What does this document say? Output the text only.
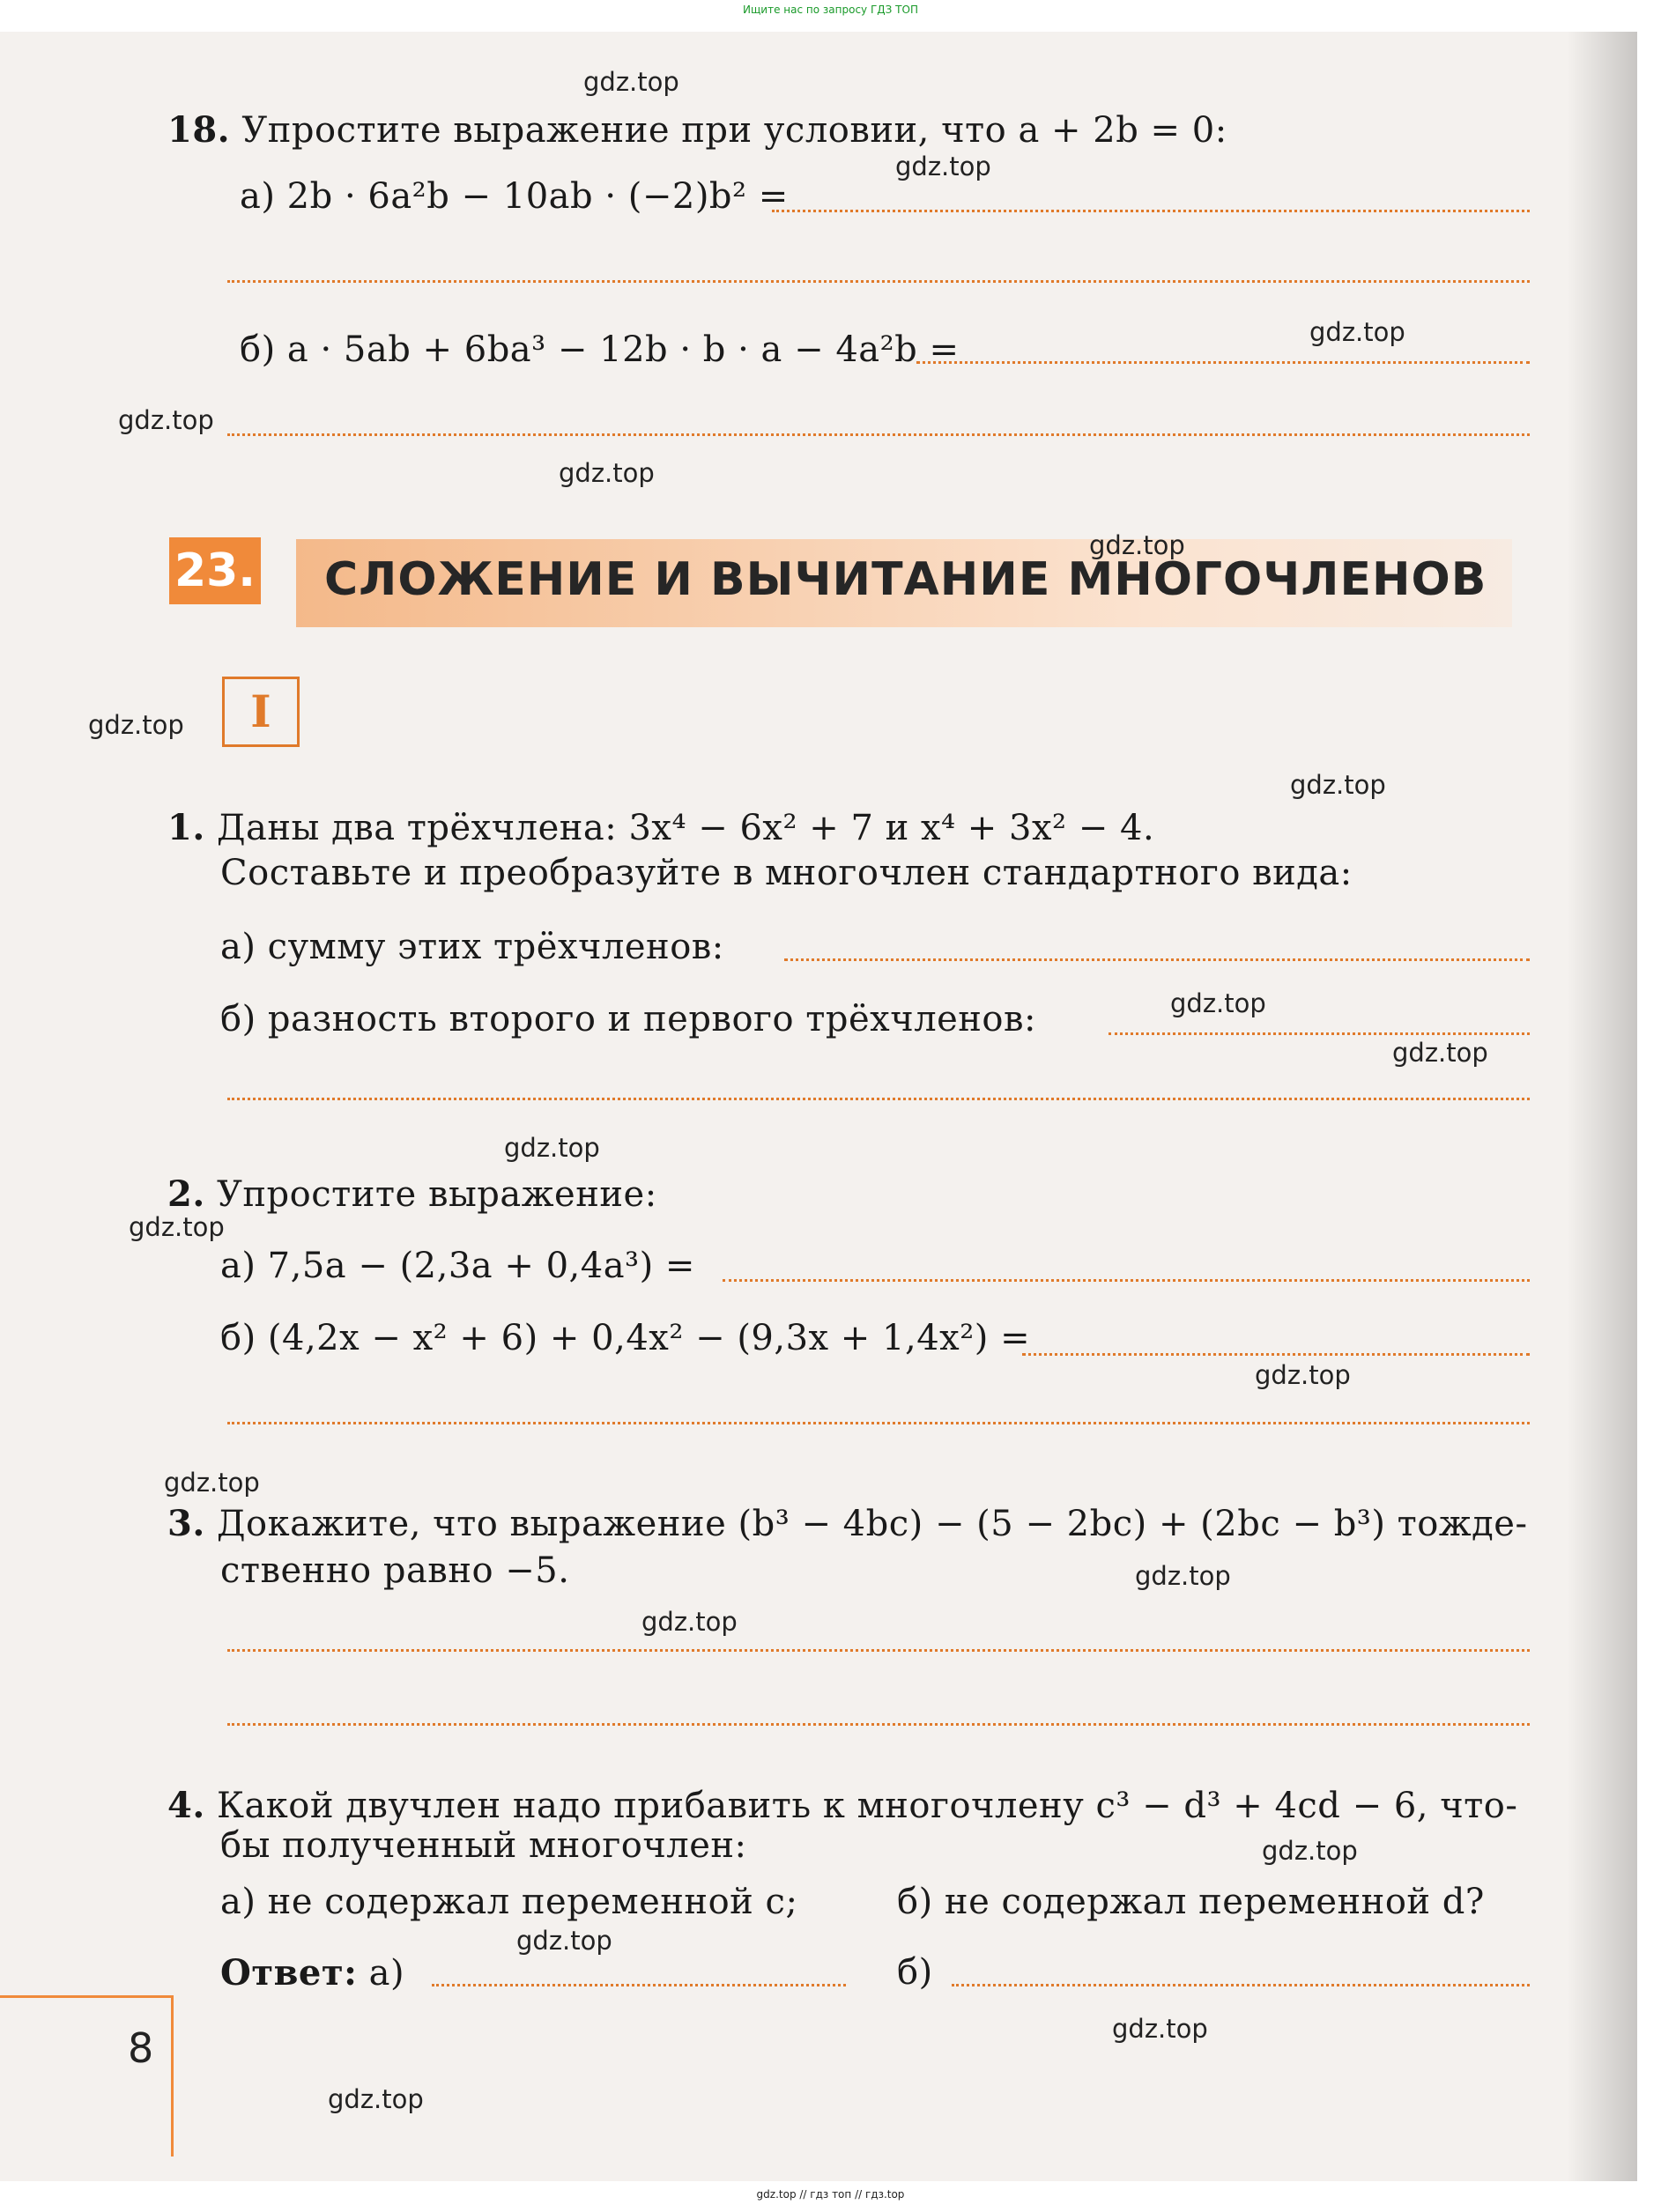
Ищите нас по запросу ГДЗ ТОП
18. Упростите выражение при условии, что a + 2b = 0:
а) 2b · 6a²b − 10ab · (−2)b² =
б) a · 5ab + 6ba³ − 12b · b · a − 4a²b =
23. СЛОЖЕНИЕ И ВЫЧИТАНИЕ МНОГОЧЛЕНОВ
I
1. Даны два трёхчлена: 3x⁴ − 6x² + 7 и x⁴ + 3x² − 4.
Составьте и преобразуйте в многочлен стандартного вида:
а) сумму этих трёхчленов:
б) разность второго и первого трёхчленов:
2. Упростите выражение:
а) 7,5a − (2,3a + 0,4a³) =
б) (4,2x − x² + 6) + 0,4x² − (9,3x + 1,4x²) =
3. Докажите, что выражение (b³ − 4bc) − (5 − 2bc) + (2bc − b³) тожде-
ственно равно −5.
4. Какой двучлен надо прибавить к многочлену c³ − d³ + 4cd − 6, что-
бы полученный многочлен:
а) не содержал переменной c;	б) не содержал переменной d?
Ответ: а)	б)
8
gdz.top
gdz.top
gdz.top
gdz.top
gdz.top
gdz.top
gdz.top
gdz.top
gdz.top
gdz.top
gdz.top
gdz.top
gdz.top
gdz.top
gdz.top
gdz.top
gdz.top
gdz.top
gdz.top
gdz.top
gdz.top // гдз топ // гдз.top
